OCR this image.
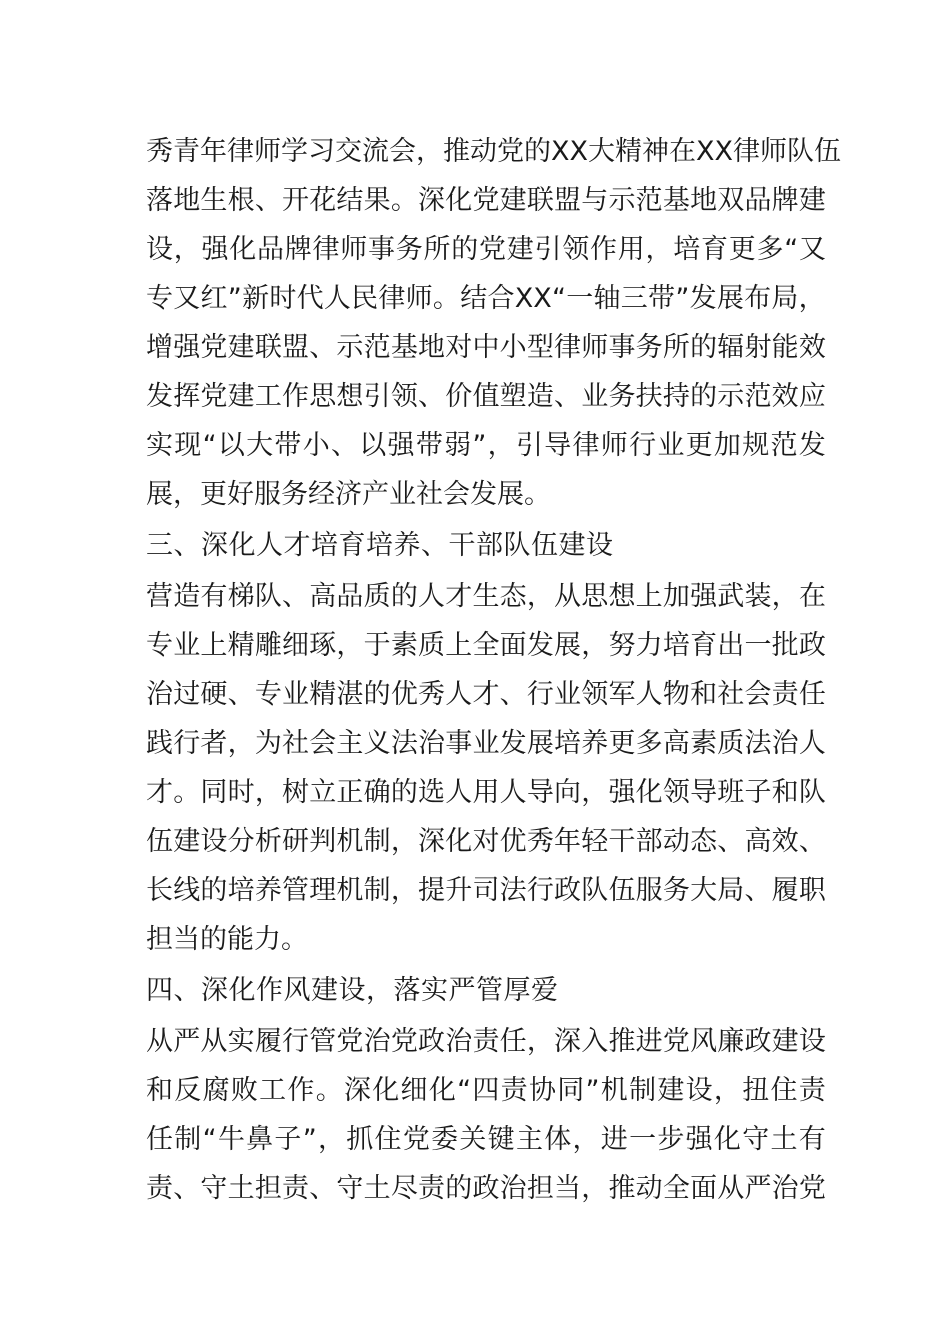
秀 青 年 律 师 学 习 交 流 会 ， 推 动 党 的 XX 大 精 神 在 XX 律 师 队 伍
落 地 生 根 、 开 花 结 果 。 深 化 党 建 联 盟 与 示 范 基 地 双 品 牌 建
设 ， 强 化 品 牌 律 师 事 务 所 的 党 建 引 领 作 用 ， 培 育 更 多 “ 又
专 又 红 ” 新 时 代 人 民 律 师 。 结 合 XX “ 一 轴 三 带 ” 发 展 布 局 ，
增 强 党 建 联 盟 、 示 范 基 地 对 中 小 型 律 师 事 务 所 的 辐 射 能 效
发 挥 党 建 工 作 思 想 引 领 、 价 值 塑 造 、 业 务 扶 持 的 示 范 效 应
实 现 “ 以 大 带 小 、 以 强 带 弱 ” ， 引 导 律 师 行 业 更 加 规 范 发
展，更好服务经济产业社会发展。
三、深化人才培育培养、干部队伍建设
营 造 有 梯 队 、 高 品 质 的 人 才 生 态 ， 从 思 想 上 加 强 武 装 ， 在
专 业 上 精 雕 细 琢 ， 于 素 质 上 全 面 发 展 ， 努 力 培 育 出 一 批 政
治 过 硬 、 专 业 精 湛 的 优 秀 人 才 、 行 业 领 军 人 物 和 社 会 责 任
践 行 者 ， 为 社 会 主 义 法 治 事 业 发 展 培 养 更 多 高 素 质 法 治 人
才 。 同 时 ， 树 立 正 确 的 选 人 用 人 导 向 ， 强 化 领 导 班 子 和 队
伍 建 设 分 析 研 判 机 制 ， 深 化 对 优 秀 年 轻 干 部 动 态 、 高 效 、
长 线 的 培 养 管 理 机 制 ， 提 升 司 法 行 政 队 伍 服 务 大 局 、 履 职
担当的能力。
四、深化作风建设，落实严管厚爱
从 严 从 实 履 行 管 党 治 党 政 治 责 任 ， 深 入 推 进 党 风 廉 政 建 设
和 反 腐 败 工 作 。 深 化 细 化 “ 四 责 协 同 ” 机 制 建 设 ， 扭 住 责
任 制 “ 牛 鼻 子 ” ， 抓 住 党 委 关 键 主 体 ， 进 一 步 强 化 守 土 有
责 、 守 土 担 责 、 守 土 尽 责 的 政 治 担 当 ， 推 动 全 面 从 严 治 党
